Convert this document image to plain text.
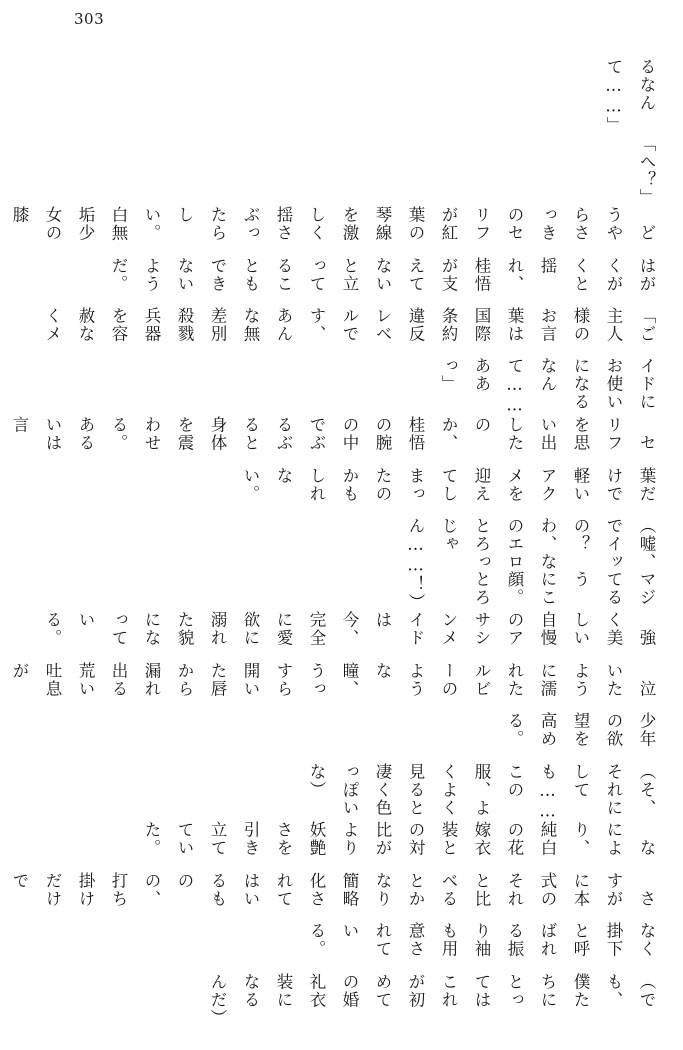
303
るなんて……」
「へ？」
　どうやらさっきのセリフが紅葉の琴線を激しく揺さぶったらしい。白無垢少女の膝
はがくがくと揺れ、桂悟が支えてないと立ってることもできないようだ。
「ご主人様のお言葉は国際条約違反レベルです、あんな無差別殺戮兵器を容赦なくメ
イドにお使いになるなんて……ああっ」
　セリフを思い出したのか、桂悟の腕の中でぶるぶると身体を震わせる。あるいは言
葉だけで軽いアクメを迎えてしまったのかもしれない。
（嘘、マジでイッてるの？　うわ、なにこのエロ顔。とろっとろじゃん……！）
　強く美しい自慢のアサシンメイドは今、完全に愛欲に溺れた貌になっている。
　泣いたように濡れたルビーのような瞳、うっすら開いた唇から漏れ出る荒い吐息が
少年の欲望を高める。
（そ、それにしても……この服、よくよく見ると凄く色っぽいな）
　なにより、純白の花嫁衣装との対比がより妖艶さを引き立てていた。
　さすがに本式のそれと比べるとかなり簡略化されてはいるものの、打ち掛けだけで
なく掛下と呼ばれる振り袖も用意されている。
（でも、僕たちにとってはこれが初めての婚礼衣装になるんだ）
